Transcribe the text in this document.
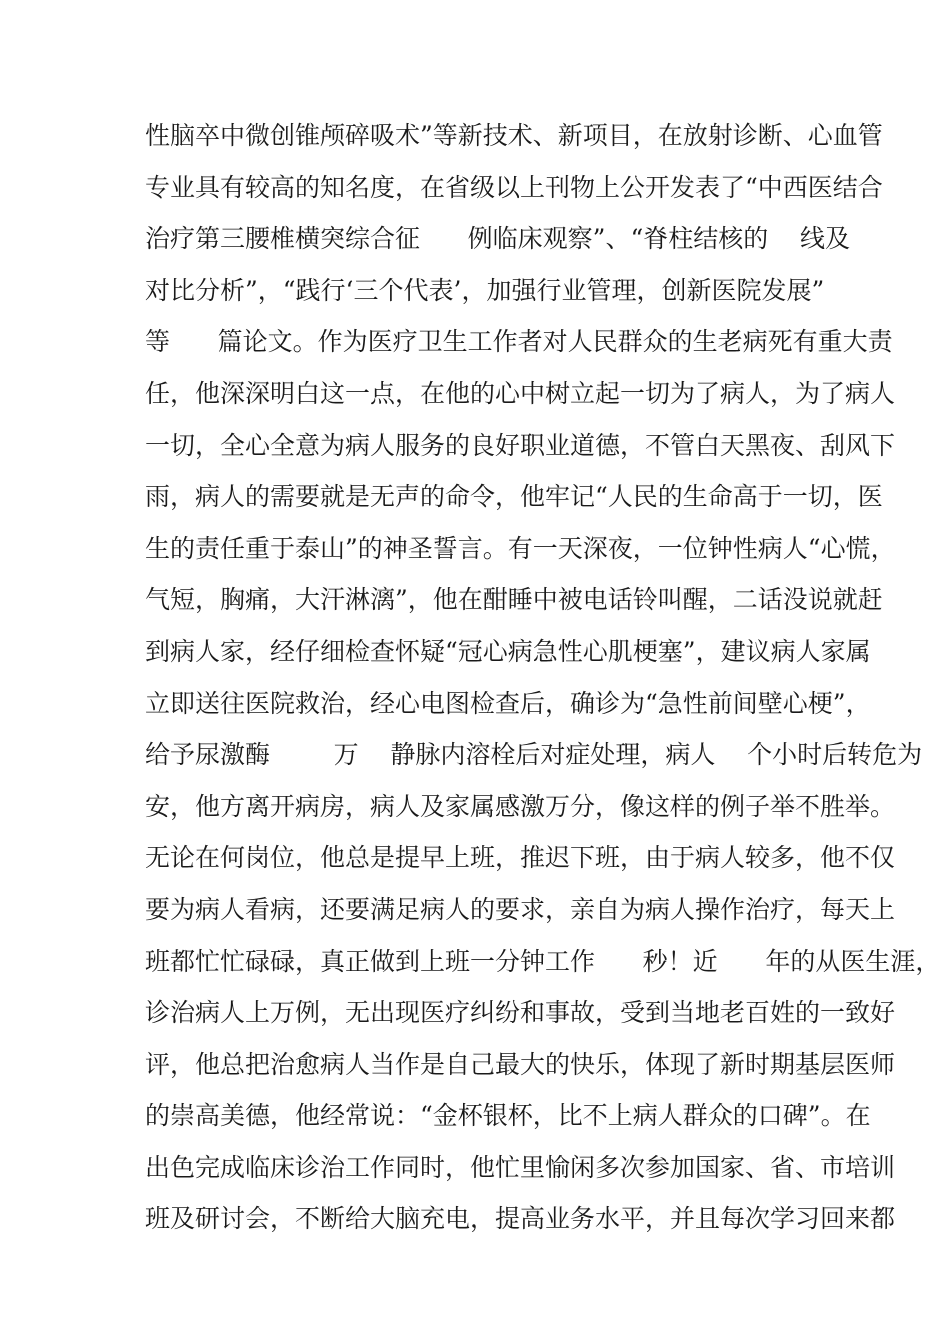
性脑卒中微创锥颅碎吸术”等新技术、新项目，在放射诊断、心血管
专业具有较高的知名度，在省级以上刊物上公开发表了“中西医结合
治疗第三腰椎横突综合征      例临床观察”、“脊柱结核的    线及
对比分析”，“践行‘三个代表’，加强行业管理，创新医院发展”
等      篇论文。作为医疗卫生工作者对人民群众的生老病死有重大责
任，他深深明白这一点，在他的心中树立起一切为了病人，为了病人
一切，全心全意为病人服务的良好职业道德，不管白天黑夜、刮风下
雨，病人的需要就是无声的命令，他牢记“人民的生命高于一切，医
生的责任重于泰山”的神圣誓言。有一天深夜，一位钟性病人“心慌，
气短，胸痛，大汗淋漓”，他在酣睡中被电话铃叫醒，二话没说就赶
到病人家，经仔细检查怀疑“冠心病急性心肌梗塞”，建议病人家属
立即送往医院救治，经心电图检查后，确诊为“急性前间壁心梗”，
给予尿激酶        万    静脉内溶栓后对症处理，病人    个小时后转危为
安，他方离开病房，病人及家属感激万分，像这样的例子举不胜举。
无论在何岗位，他总是提早上班，推迟下班，由于病人较多，他不仅
要为病人看病，还要满足病人的要求，亲自为病人操作治疗，每天上
班都忙忙碌碌，真正做到上班一分钟工作      秒！近      年的从医生涯，
诊治病人上万例，无出现医疗纠纷和事故，受到当地老百姓的一致好
评，他总把治愈病人当作是自己最大的快乐，体现了新时期基层医师
的崇高美德，他经常说：“金杯银杯，比不上病人群众的口碑”。在
出色完成临床诊治工作同时，他忙里愉闲多次参加国家、省、市培训
班及研讨会，不断给大脑充电，提高业务水平，并且每次学习回来都
